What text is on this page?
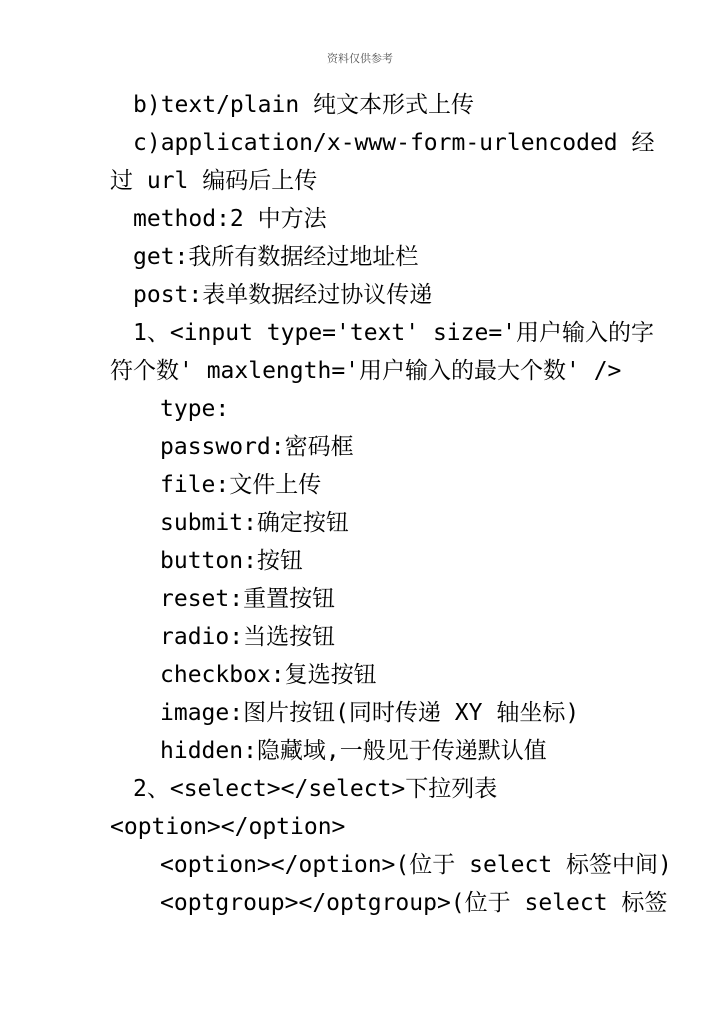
资料仅供参考
b)text/plain 纯文本形式上传
c)application/x-www-form-urlencoded 经
过 url 编码后上传
method:2 中方法
get:我所有数据经过地址栏
post:表单数据经过协议传递
1、<input type='text' size='用户输入的字
符个数' maxlength='用户输入的最大个数' />
type:
password:密码框
file:文件上传
submit:确定按钮
button:按钮
reset:重置按钮
radio:当选按钮
checkbox:复选按钮
image:图片按钮(同时传递 XY 轴坐标)
hidden:隐藏域,一般见于传递默认值
2、<select></select>下拉列表
<option></option>
<option></option>(位于 select 标签中间)
<optgroup></optgroup>(位于 select 标签
